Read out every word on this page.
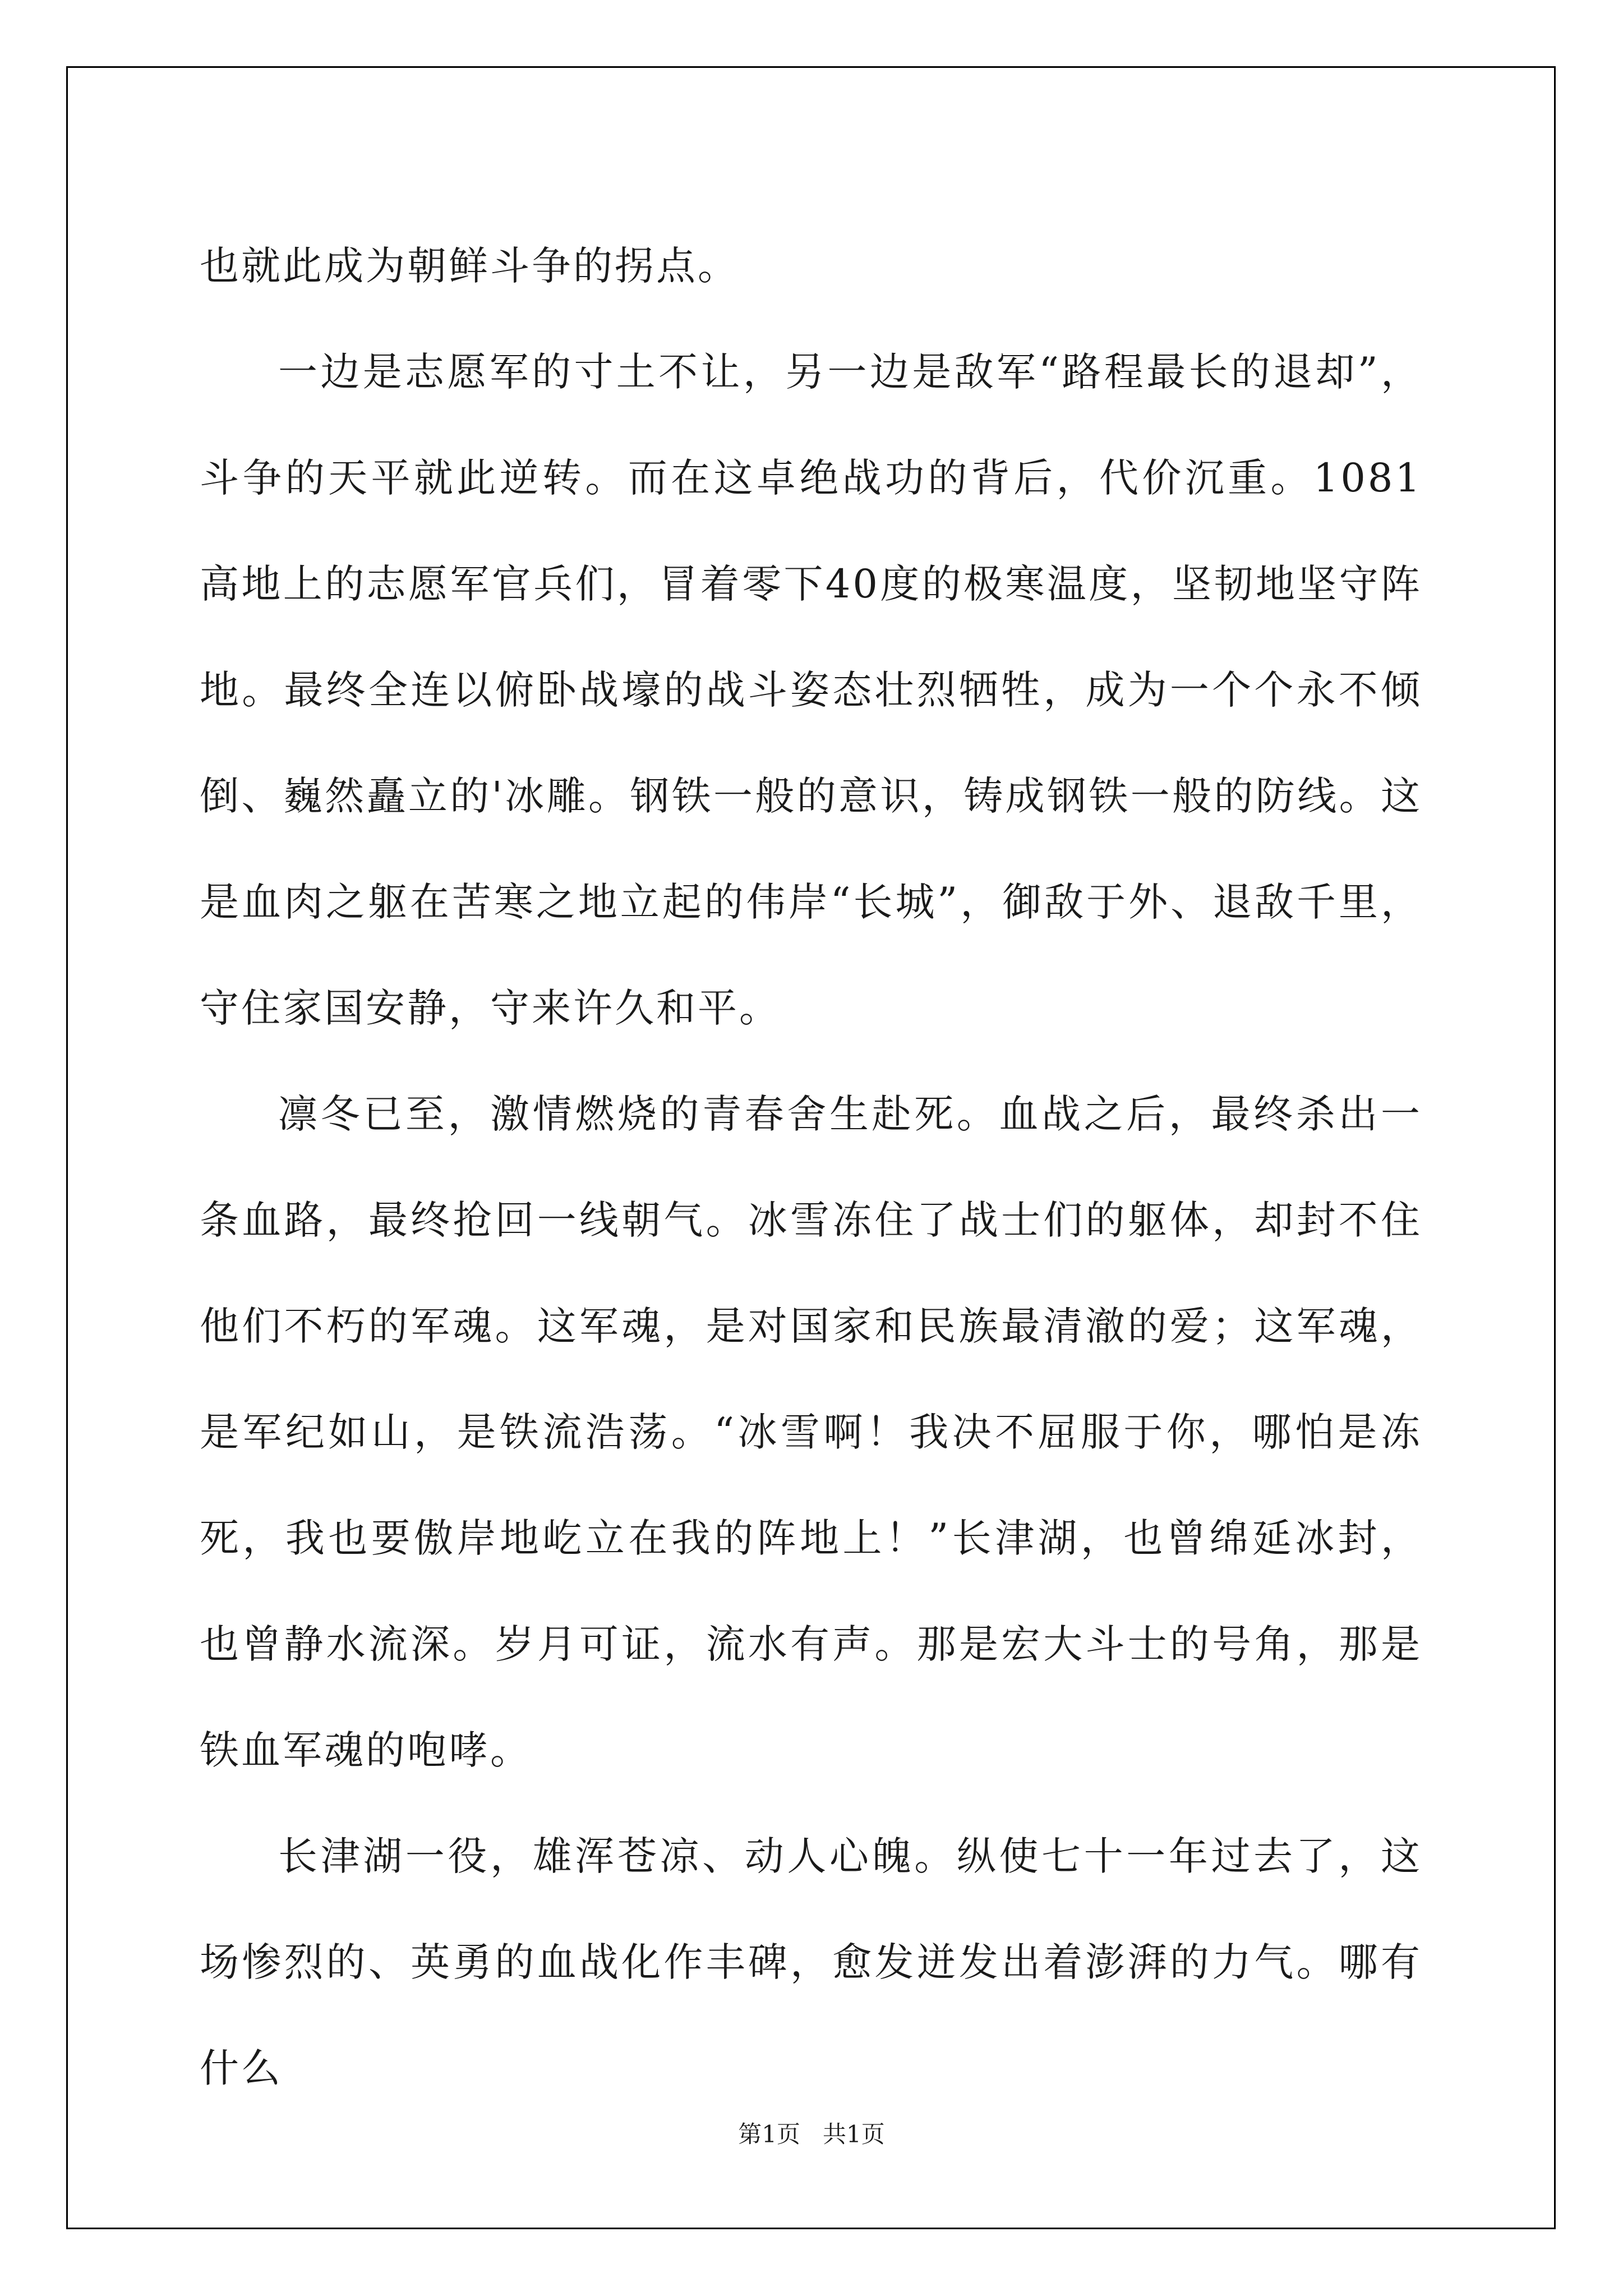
也就此成为朝鲜斗争的拐点。

一边是志愿军的寸土不让，另一边是敌军“路程最长的退却”，斗争的天平就此逆转。而在这卓绝战功的背后，代价沉重。1081高地上的志愿军官兵们，冒着零下40度的极寒温度，坚韧地坚守阵地。最终全连以俯卧战壕的战斗姿态壮烈牺牲，成为一个个永不倾倒、巍然矗立的'冰雕。钢铁一般的意识，铸成钢铁一般的防线。这是血肉之躯在苦寒之地立起的伟岸“长城”，御敌于外、退敌千里，守住家国安静，守来许久和平。

凛冬已至，激情燃烧的青春舍生赴死。血战之后，最终杀出一条血路，最终抢回一线朝气。冰雪冻住了战士们的躯体，却封不住他们不朽的军魂。这军魂，是对国家和民族最清澈的爱；这军魂，是军纪如山，是铁流浩荡。“冰雪啊！我决不屈服于你，哪怕是冻死，我也要傲岸地屹立在我的阵地上！”长津湖，也曾绵延冰封，也曾静水流深。岁月可证，流水有声。那是宏大斗士的号角，那是铁血军魂的咆哮。

长津湖一役，雄浑苍凉、动人心魄。纵使七十一年过去了，这场惨烈的、英勇的血战化作丰碑，愈发迸发出着澎湃的力气。哪有什么

第1页 共1页
